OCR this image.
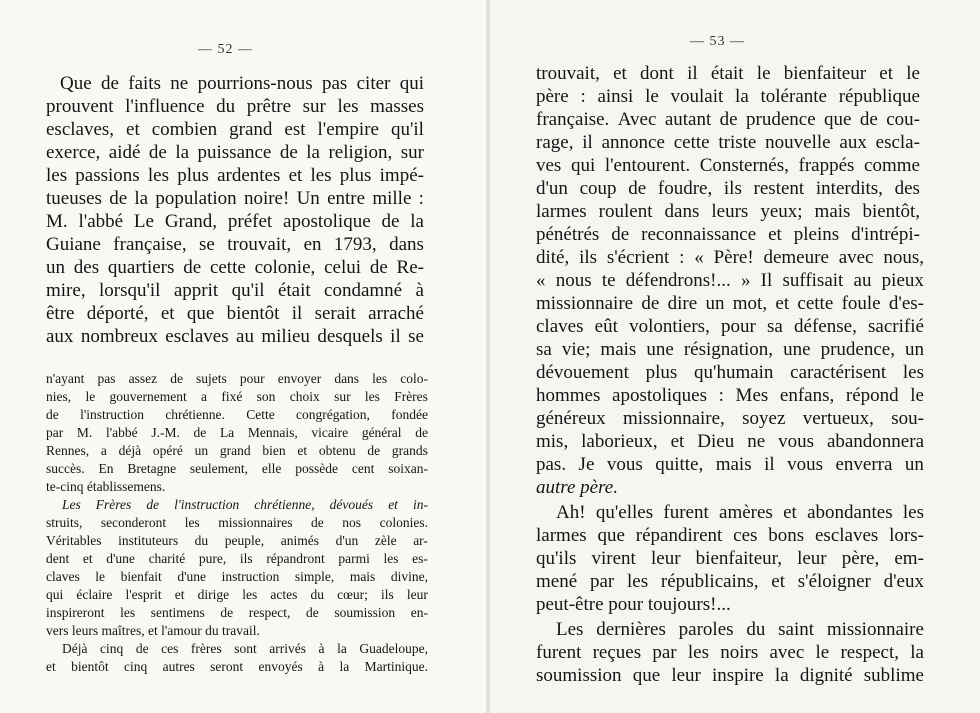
— 52 —
— 53 —
Que de faits ne pourrions-nous pas citer qui
prouvent l'influence du prêtre sur les masses
esclaves, et combien grand est l'empire qu'il
exerce, aidé de la puissance de la religion, sur
les passions les plus ardentes et les plus impé-
tueuses de la population noire! Un entre mille :
M. l'abbé Le Grand, préfet apostolique de la
Guiane française, se trouvait, en 1793, dans
un des quartiers de cette colonie, celui de Re-
mire, lorsqu'il apprit qu'il était condamné à
être déporté, et que bientôt il serait arraché
aux nombreux esclaves au milieu desquels il se
n'ayant pas assez de sujets pour envoyer dans les colo-
nies, le gouvernement a fixé son choix sur les Frères
de l'instruction chrétienne. Cette congrégation, fondée
par M. l'abbé J.-M. de La Mennais, vicaire général de
Rennes, a déjà opéré un grand bien et obtenu de grands
succès. En Bretagne seulement, elle possède cent soixan-
te-cinq établissemens.
Les Frères de l'instruction chrétienne, dévoués et in-
struits, seconderont les missionnaires de nos colonies.
Véritables instituteurs du peuple, animés d'un zèle ar-
dent et d'une charité pure, ils répandront parmi les es-
claves le bienfait d'une instruction simple, mais divine,
qui éclaire l'esprit et dirige les actes du cœur; ils leur
inspireront les sentimens de respect, de soumission en-
vers leurs maîtres, et l'amour du travail.
Déjà cinq de ces frères sont arrivés à la Guadeloupe,
et bientôt cinq autres seront envoyés à la Martinique.
trouvait, et dont il était le bienfaiteur et le
père : ainsi le voulait la tolérante république
française. Avec autant de prudence que de cou-
rage, il annonce cette triste nouvelle aux escla-
ves qui l'entourent. Consternés, frappés comme
d'un coup de foudre, ils restent interdits, des
larmes roulent dans leurs yeux; mais bientôt,
pénétrés de reconnaissance et pleins d'intrépi-
dité, ils s'écrient : « Père! demeure avec nous,
« nous te défendrons!... » Il suffisait au pieux
missionnaire de dire un mot, et cette foule d'es-
claves eût volontiers, pour sa défense, sacrifié
sa vie; mais une résignation, une prudence, un
dévouement plus qu'humain caractérisent les
hommes apostoliques : Mes enfans, répond le
généreux missionnaire, soyez vertueux, sou-
mis, laborieux, et Dieu ne vous abandonnera
pas. Je vous quitte, mais il vous enverra un
autre père.
Ah! qu'elles furent amères et abondantes les
larmes que répandirent ces bons esclaves lors-
qu'ils virent leur bienfaiteur, leur père, em-
mené par les républicains, et s'éloigner d'eux
peut-être pour toujours!...
Les dernières paroles du saint missionnaire
furent reçues par les noirs avec le respect, la
soumission que leur inspire la dignité sublime
